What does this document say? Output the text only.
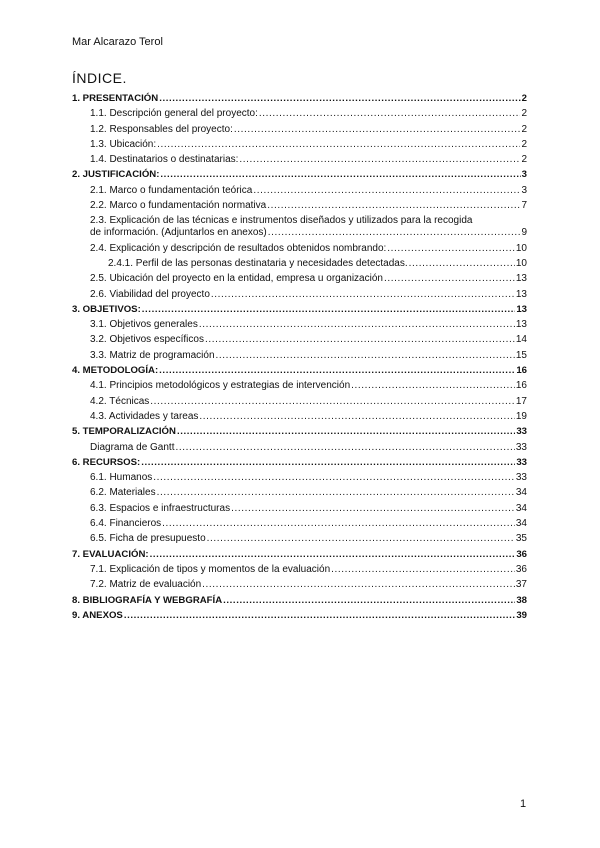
Mar Alcarazo Terol
ÍNDICE.
1. PRESENTACIÓN .....	2
1.1. Descripción general del proyecto: .....	2
1.2. Responsables del proyecto: .....	2
1.3. Ubicación: .....	2
1.4. Destinatarios o destinatarias: .....	2
2. JUSTIFICACIÓN: .....	3
2.1. Marco o fundamentación teórica .....	3
2.2. Marco o fundamentación normativa .....	7
2.3. Explicación de las técnicas e instrumentos diseñados y utilizados para la recogida
de información. (Adjuntarlos en anexos) .....	9
2.4. Explicación y descripción de resultados obtenidos nombrando: .....	10
2.4.1. Perfil de las personas destinataria y necesidades detectadas. .....	10
2.5. Ubicación del proyecto en la entidad, empresa u organización .....	13
2.6. Viabilidad del proyecto .....	13
3. OBJETIVOS: .....	13
3.1. Objetivos generales .....	13
3.2. Objetivos específicos .....	14
3.3. Matriz de programación .....	15
4. METODOLOGÍA: .....	16
4.1. Principios metodológicos y estrategias de intervención .....	16
4.2. Técnicas .....	17
4.3. Actividades y tareas .....	19
5. TEMPORALIZACIÓN .....	33
Diagrama de Gantt .....	33
6. RECURSOS: .....	33
6.1. Humanos .....	33
6.2. Materiales .....	34
6.3. Espacios e infraestructuras .....	34
6.4. Financieros .....	34
6.5. Ficha de presupuesto .....	35
7. EVALUACIÓN: .....	36
7.1. Explicación de tipos y momentos de la evaluación .....	36
7.2. Matriz de evaluación .....	37
8. BIBLIOGRAFÍA Y WEBGRAFÍA .....	38
9. ANEXOS .....	39
1
